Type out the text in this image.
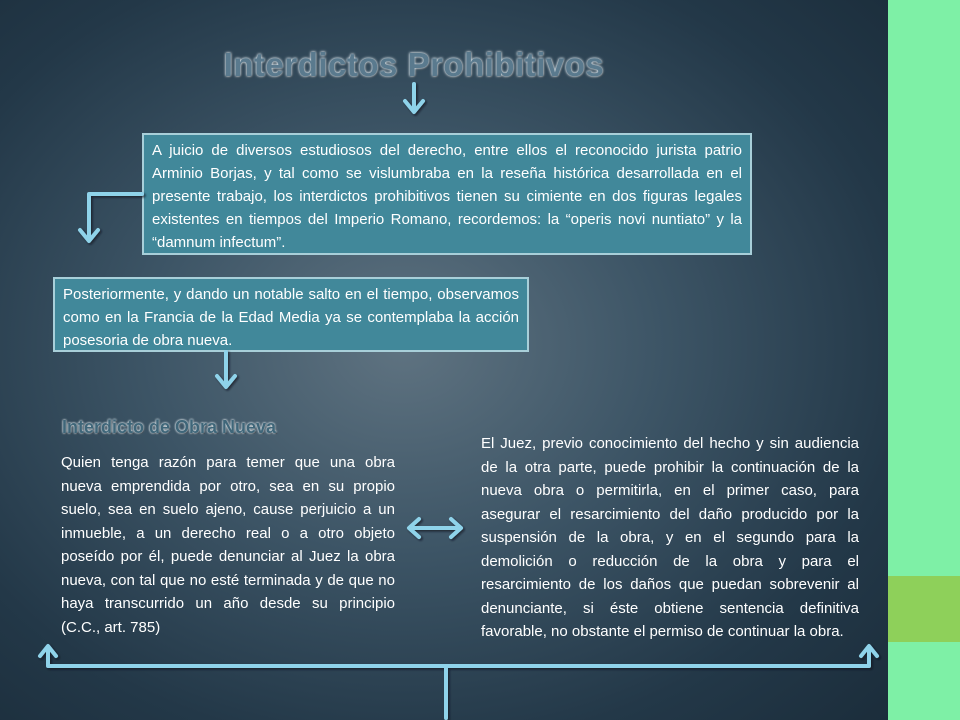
Interdictos Prohibitivos
A juicio de diversos estudiosos del derecho, entre ellos el reconocido jurista patrio Arminio Borjas, y tal como se vislumbraba en la reseña histórica desarrollada en el presente trabajo, los interdictos prohibitivos tienen su cimiente en dos figuras legales existentes en tiempos del Imperio Romano, recordemos: la “operis novi nuntiato” y la “damnum infectum”.
Posteriormente, y dando un notable salto en el tiempo, observamos como en la Francia de la Edad Media ya se contemplaba la acción posesoria de obra nueva.
Interdicto de Obra Nueva
Quien tenga razón para temer que una obra nueva emprendida por otro, sea en su propio suelo, sea en suelo ajeno, cause perjuicio a un inmueble, a un derecho real o a otro objeto poseído por él, puede denunciar al Juez la obra nueva, con tal que no esté terminada y de que no haya transcurrido un año desde su principio (C.C., art. 785)
El Juez, previo conocimiento del hecho y sin audiencia de la otra parte, puede prohibir la continuación de la nueva obra o permitirla, en el primer caso, para asegurar el resarcimiento del daño producido por la suspensión de la obra, y en el segundo para la demolición o reducción de la obra y para el resarcimiento de los daños que puedan sobrevenir al denunciante, si éste obtiene sentencia definitiva favorable, no obstante el permiso de continuar la obra.
